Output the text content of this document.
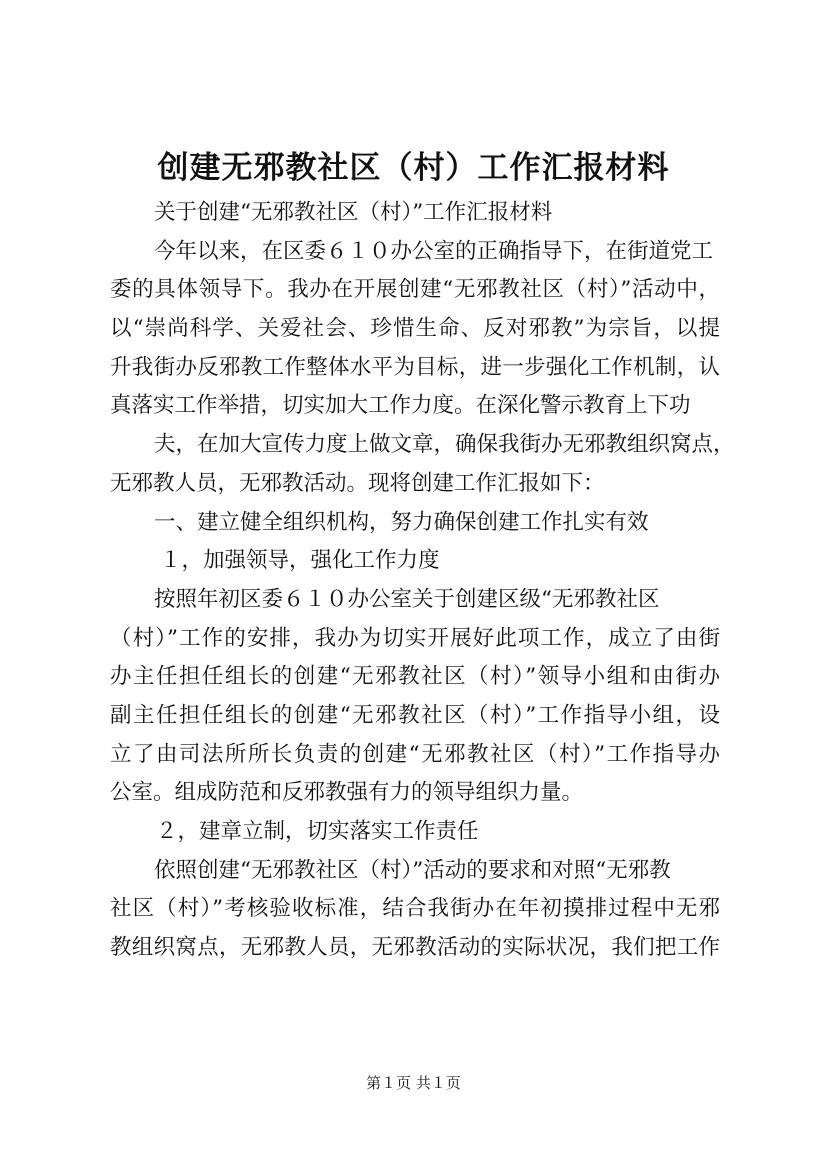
创建无邪教社区（村）工作汇报材料
关于创建“无邪教社区（村）”工作汇报材料
今年以来，在区委６１０办公室的正确指导下，在街道党工
委的具体领导下。我办在开展创建“无邪教社区（村）”活动中，
以“崇尚科学、关爱社会、珍惜生命、反对邪教”为宗旨，以提
升我街办反邪教工作整体水平为目标，进一步强化工作机制，认
真落实工作举措，切实加大工作力度。在深化警示教育上下功
夫，在加大宣传力度上做文章，确保我街办无邪教组织窝点，
无邪教人员，无邪教活动。现将创建工作汇报如下：
一、建立健全组织机构，努力确保创建工作扎实有效
１，加强领导，强化工作力度
按照年初区委６１０办公室关于创建区级“无邪教社区
（村）”工作的安排，我办为切实开展好此项工作，成立了由街
办主任担任组长的创建“无邪教社区（村）”领导小组和由街办
副主任担任组长的创建“无邪教社区（村）”工作指导小组，设
立了由司法所所长负责的创建“无邪教社区（村）”工作指导办
公室。组成防范和反邪教强有力的领导组织力量。
２，建章立制，切实落实工作责任
依照创建“无邪教社区（村）”活动的要求和对照“无邪教
社区（村）”考核验收标准，结合我街办在年初摸排过程中无邪
教组织窝点，无邪教人员，无邪教活动的实际状况，我们把工作
第１页 共１页
